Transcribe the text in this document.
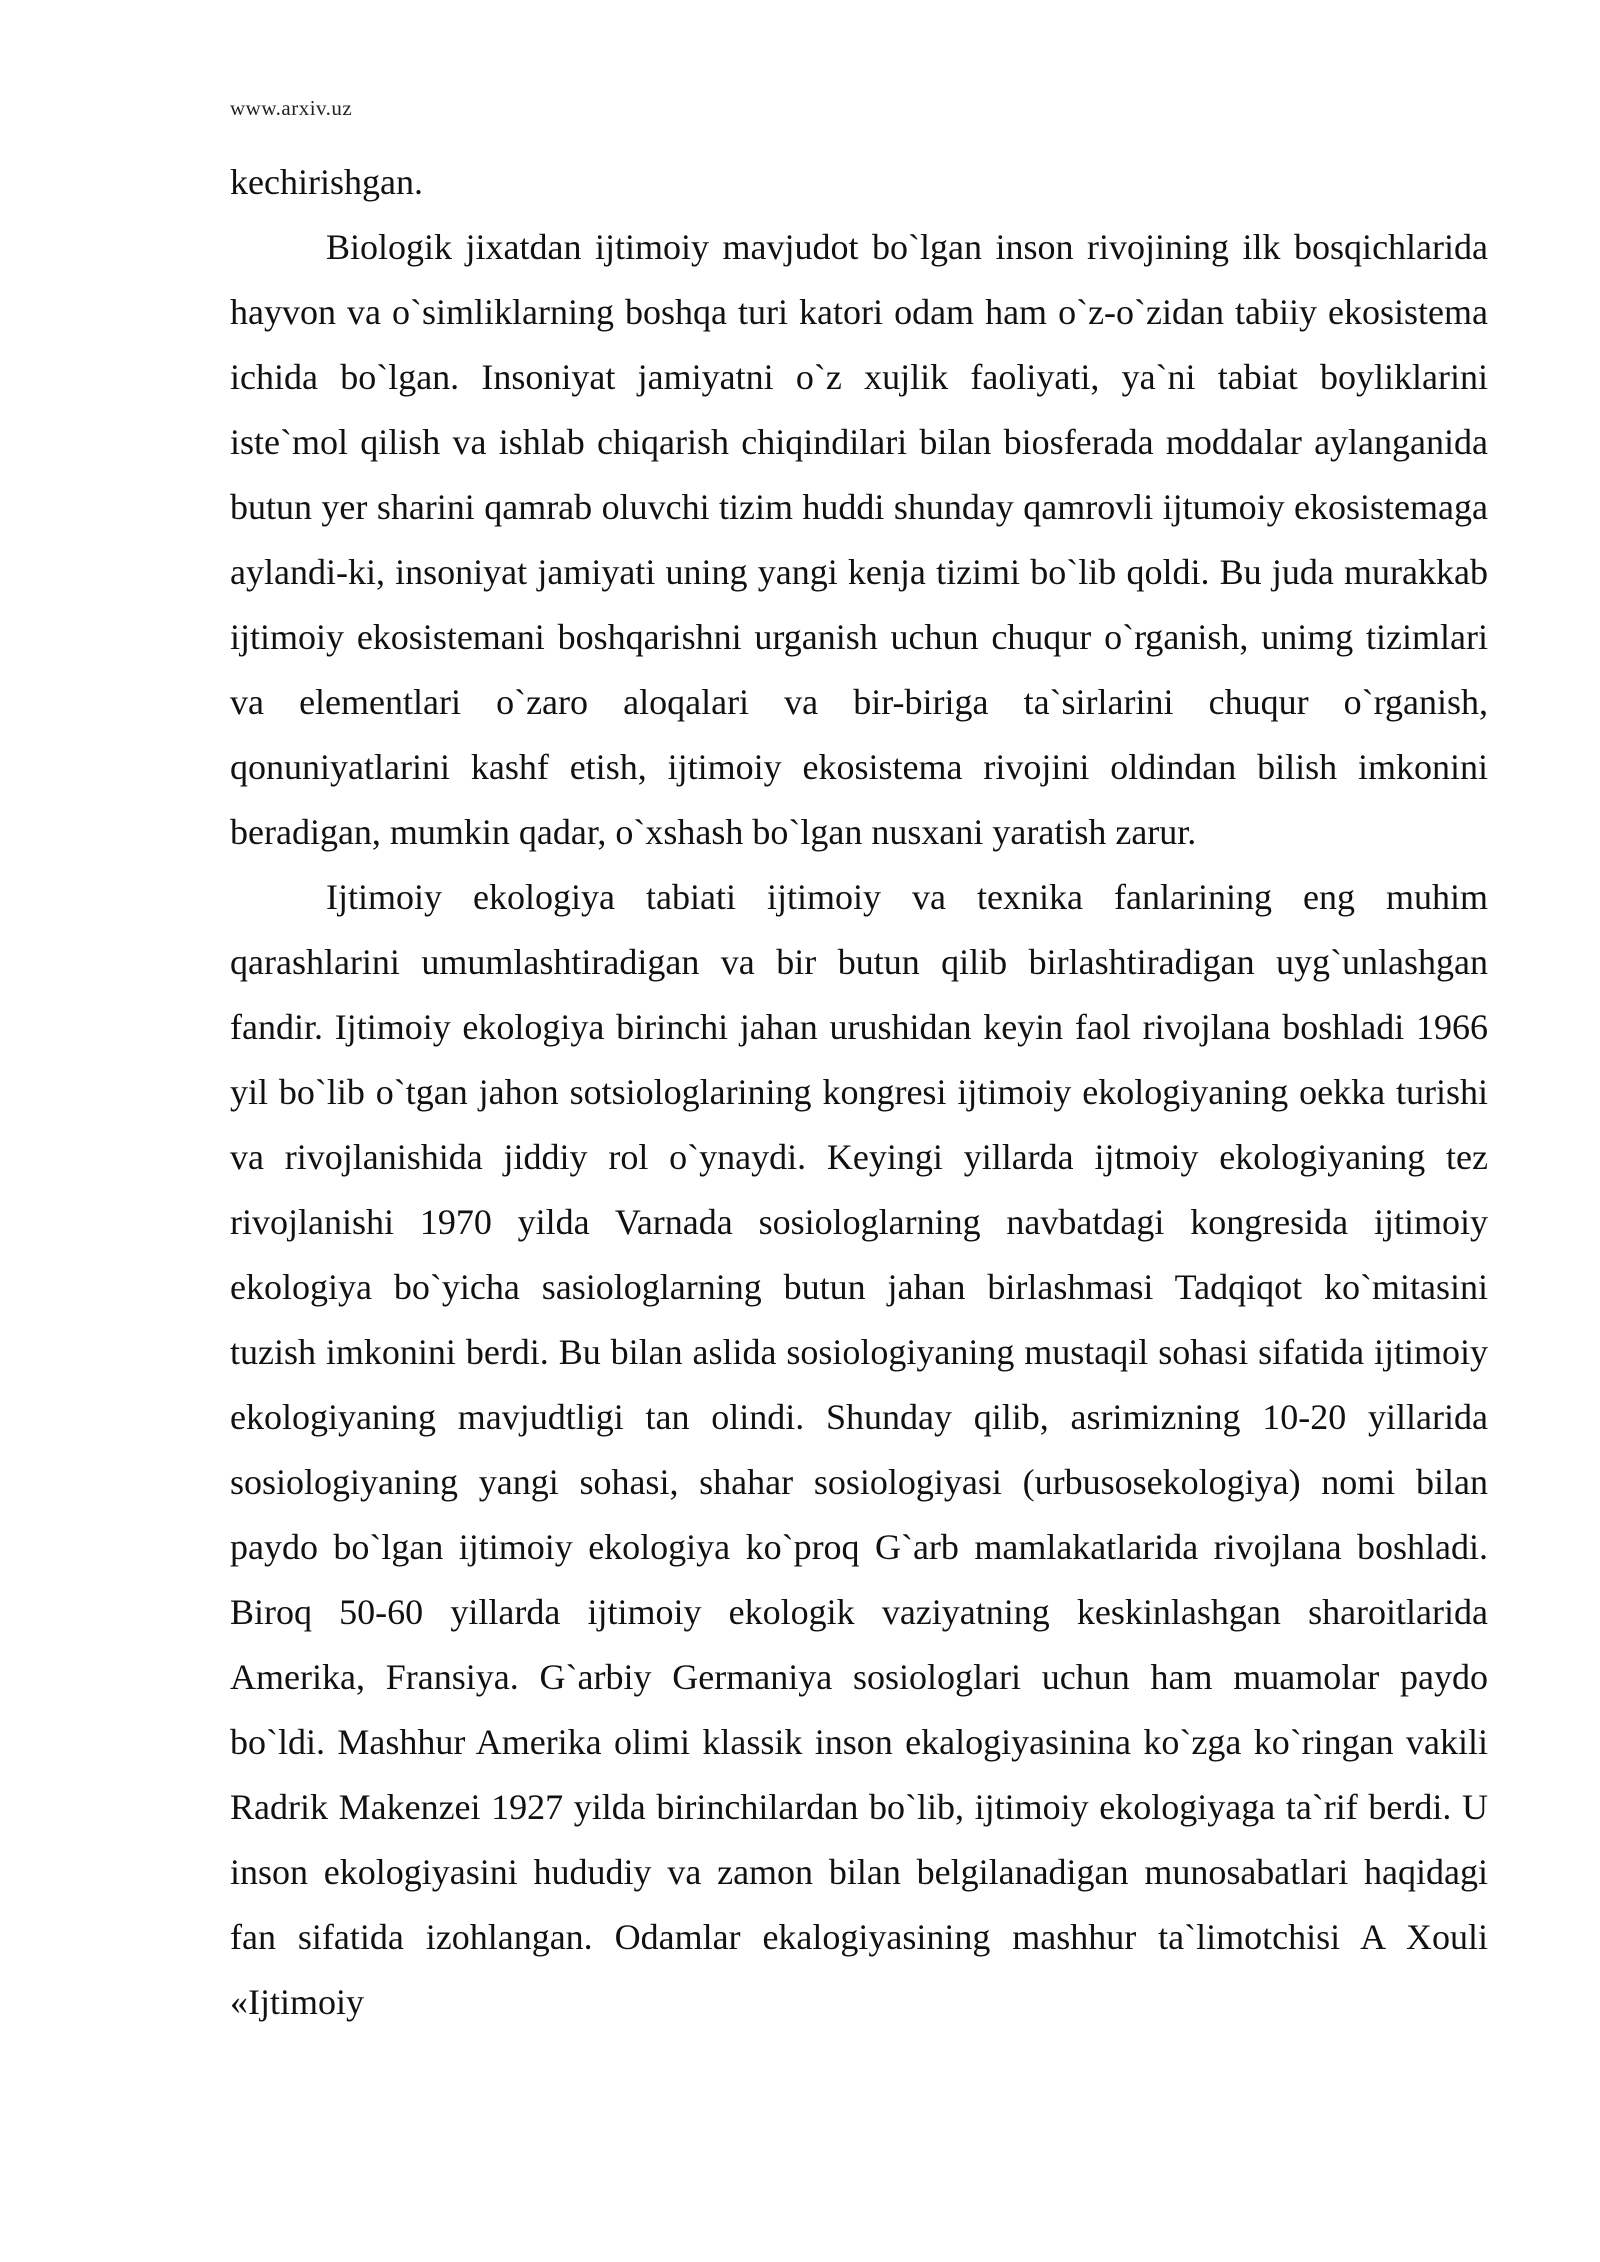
www.arxiv.uz

kechirishgan.

Biologik jixatdan ijtimoiy mavjudot bo`lgan inson rivojining ilk bosqichlarida hayvon va o`simliklarning boshqa turi katori odam ham o`z-o`zidan tabiiy ekosistema ichida bo`lgan. Insoniyat jamiyatni o`z xujlik faoliyati, ya`ni tabiat boyliklarini iste`mol qilish va ishlab chiqarish chiqindilari bilan biosferada moddalar aylanganida butun yer sharini qamrab oluvchi tizim huddi shunday qamrovli ijtumoiy ekosistemaga aylandi-ki, insoniyat jamiyati uning yangi kenja tizimi bo`lib qoldi. Bu juda murakkab ijtimoiy ekosistemani boshqarishni urganish uchun chuqur o`rganish, unimg tizimlari va elementlari o`zaro aloqalari va bir-biriga ta`sirlarini chuqur o`rganish, qonuniyatlarini kashf etish, ijtimoiy ekosistema rivojini oldindan bilish imkonini beradigan, mumkin qadar, o`xshash bo`lgan nusxani yaratish zarur.

Ijtimoiy ekologiya tabiati ijtimoiy va texnika fanlarining eng muhim qarashlarini umumlashtiradigan va bir butun qilib birlashtiradigan uyg`unlashgan fandir. Ijtimoiy ekologiya birinchi jahan urushidan keyin faol rivojlana boshladi 1966 yil bo`lib o`tgan jahon sotsiologlarining kongresi ijtimoiy ekologiyaning oekka turishi va rivojlanishida jiddiy rol o`ynaydi. Keyingi yillarda ijtmoiy ekologiyaning tez rivojlanishi 1970 yilda Varnada sosiologlarning navbatdagi kongresida ijtimoiy ekologiya bo`yicha sasiologlarning butun jahan birlashmasi Tadqiqot ko`mitasini tuzish imkonini berdi. Bu bilan aslida sosiologiyaning mustaqil sohasi sifatida ijtimoiy ekologiyaning mavjudtligi tan olindi. Shunday qilib, asrimizning 10-20 yillarida sosiologiyaning yangi sohasi, shahar sosiologiyasi (urbusosekologiya) nomi bilan paydo bo`lgan ijtimoiy ekologiya ko`proq G`arb mamlakatlarida rivojlana boshladi. Biroq 50-60 yillarda ijtimoiy ekologik vaziyatning keskinlashgan sharoitlarida Amerika, Fransiya. G`arbiy Germaniya sosiologlari uchun ham muamolar paydo bo`ldi. Mashhur Amerika olimi klassik inson ekalogiyasinina ko`zga ko`ringan vakili Radrik Makenzei 1927 yilda birinchilardan bo`lib, ijtimoiy ekologiyaga ta`rif berdi. U inson ekologiyasini hududiy va zamon bilan belgilanadigan munosabatlari haqidagi fan sifatida izohlangan. Odamlar ekalogiyasining mashhur ta`limotchisi A Xouli «Ijtimoiy
